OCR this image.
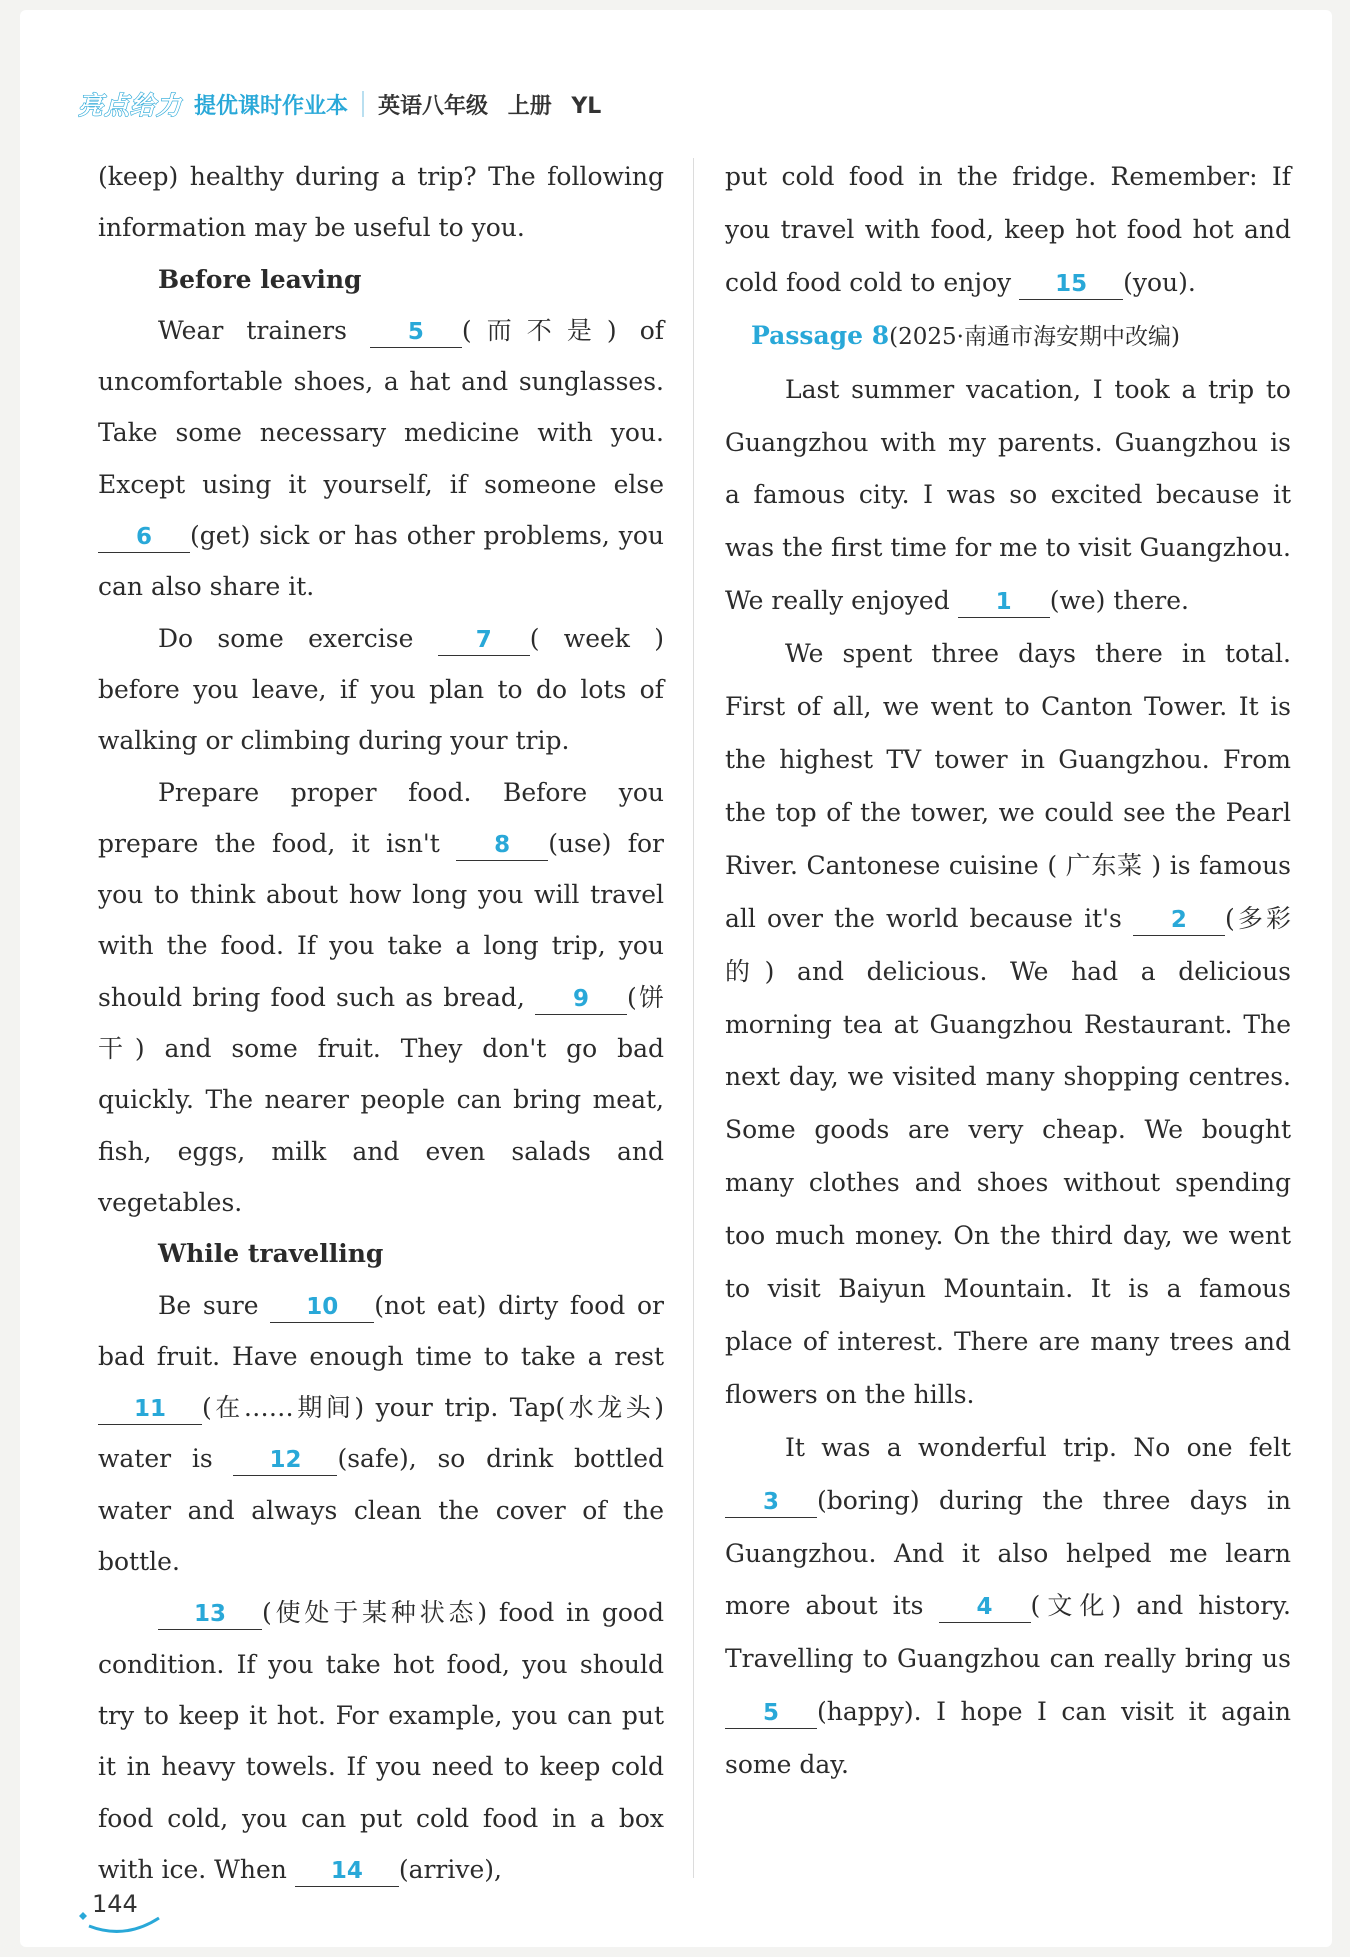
亮点给力 提优课时作业本 英语八年级 上册 YL

(keep) healthy during a trip? The following information may be useful to you.

Before leaving

Wear trainers	5 (而不是) of uncomfortable shoes, a hat and sunglasses. Take some necessary medicine with you. Except using it yourself, if someone else 6 (get) sick or has other problems, you can also share it.

Do some exercise	7 ( week ) before you leave, if you plan to do lots of walking or climbing during your trip.

Prepare proper food. Before you prepare the food, it isn't 8 (use) for you to think about how long you will travel with the food. If you take a long trip, you should bring food such as bread, 9 (饼干) and some fruit. They don't go bad quickly. The nearer people can bring meat, fish, eggs, milk and even salads and vegetables.

While travelling

Be sure 10 (not eat) dirty food or bad fruit. Have enough time to take a rest 11 (在……期间) your trip. Tap(水龙头) water is 12 (safe), so drink bottled water and always clean the cover of the bottle.

13 (使处于某种状态) food in good condition. If you take hot food, you should try to keep it hot. For example, you can put it in heavy towels. If you need to keep cold food cold, you can put cold food in a box with ice. When 14 (arrive),

put cold food in the fridge. Remember: If you travel with food, keep hot food hot and cold food cold to enjoy 15 (you).

Passage 8(2025·南通市海安期中改编)

Last summer vacation, I took a trip to Guangzhou with my parents. Guangzhou is a famous city. I was so excited because it was the first time for me to visit Guangzhou. We really enjoyed 1 (we) there.

We spent three days there in total. First of all, we went to Canton Tower. It is the highest TV tower in Guangzhou. From the top of the tower, we could see the Pearl River. Cantonese cuisine ( 广东菜 ) is famous all over the world because it's 2 (多彩的) and delicious. We had a delicious morning tea at Guangzhou Restaurant. The next day, we visited many shopping centres. Some goods are very cheap. We bought many clothes and shoes without spending too much money. On the third day, we went to visit Baiyun Mountain. It is a famous place of interest. There are many trees and flowers on the hills.

It was a wonderful trip. No one felt 3 (boring) during the three days in Guangzhou. And it also helped me learn more about its 4 (文化) and history. Travelling to Guangzhou can really bring us 5 (happy). I hope I can visit it again some day.

144
